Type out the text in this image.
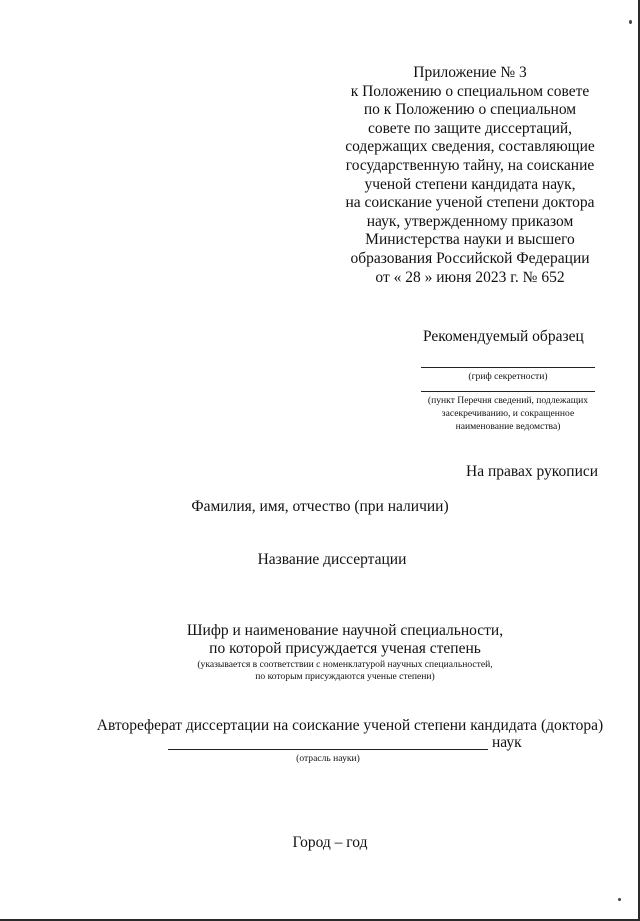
Приложение № 3
к Положению о специальном совете
по к Положению о специальном
совете по защите диссертаций,
содержащих сведения, составляющие
государственную тайну, на соискание
ученой степени кандидата наук,
на соискание ученой степени доктора
наук, утвержденному приказом
Министерства науки и высшего
образования Российской Федерации
от « 28 » июня 2023 г. № 652
Рекомендуемый образец
(гриф секретности)
(пункт Перечня сведений, подлежащих
засекречиванию, и сокращенное
наименование ведомства)
На правах рукописи
Фамилия, имя, отчество (при наличии)
Название диссертации
Шифр и наименование научной специальности,
по которой присуждается ученая степень
(указывается в соответствии с номенклатурой научных специальностей,
по которым присуждаются ученые степени)
Автореферат диссертации на соискание ученой степени кандидата (доктора)
наук
(отрасль науки)
Город – год
